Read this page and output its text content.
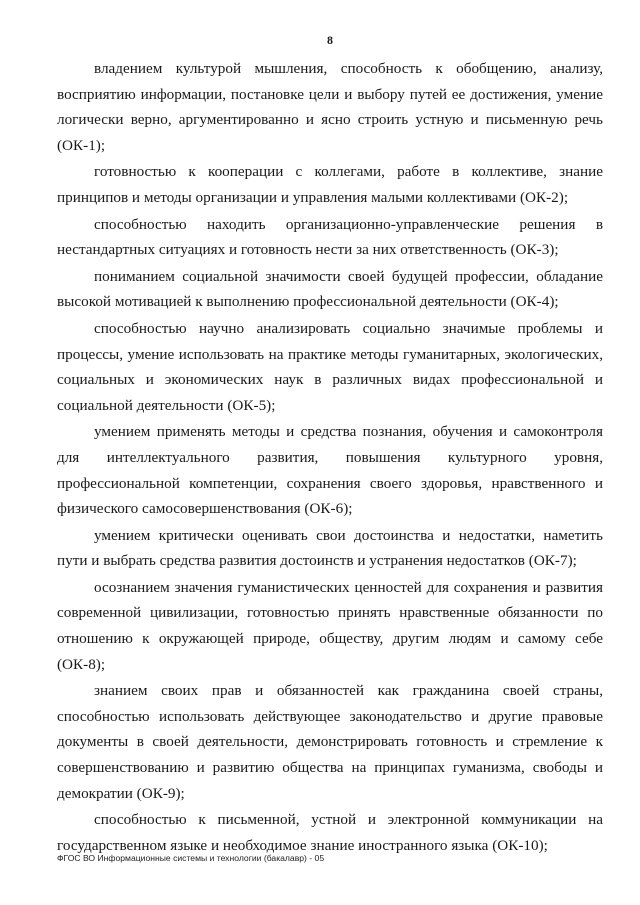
8

владением культурой мышления, способность к обобщению, анализу, восприятию информации, постановке цели и выбору путей ее достижения, умение логически верно, аргументированно и ясно строить устную и письменную речь (ОК-1);

готовностью к кооперации с коллегами, работе в коллективе, знание принципов и методы организации и управления малыми коллективами (ОК-2);

способностью находить организационно-управленческие решения в нестандартных ситуациях и готовность нести за них ответственность (ОК-3);

пониманием социальной значимости своей будущей профессии, обладание высокой мотивацией к выполнению профессиональной деятельности (ОК-4);

способностью научно анализировать социально значимые проблемы и процессы, умение использовать на практике методы гуманитарных, экологических, социальных и экономических наук в различных видах профессиональной и социальной деятельности (ОК-5);

умением применять методы и средства познания, обучения и самоконтроля для интеллектуального развития, повышения культурного уровня, профессиональной компетенции, сохранения своего здоровья, нравственного и физического самосовершенствования (ОК-6);

умением критически оценивать свои достоинства и недостатки, наметить пути и выбрать средства развития достоинств и устранения недостатков (ОК-7);

осознанием значения гуманистических ценностей для сохранения и развития современной цивилизации, готовностью принять нравственные обязанности по отношению к окружающей природе, обществу, другим людям и самому себе (ОК-8);

знанием своих прав и обязанностей как гражданина своей страны, способностью использовать действующее законодательство и другие правовые документы в своей деятельности, демонстрировать готовность и стремление к совершенствованию и развитию общества на принципах гуманизма, свободы и демократии (ОК-9);

способностью к письменной, устной и электронной коммуникации на государственном языке и необходимое знание иностранного языка (ОК-10);

ФГОС ВО Информационные системы и технологии (бакалавр) - 05
